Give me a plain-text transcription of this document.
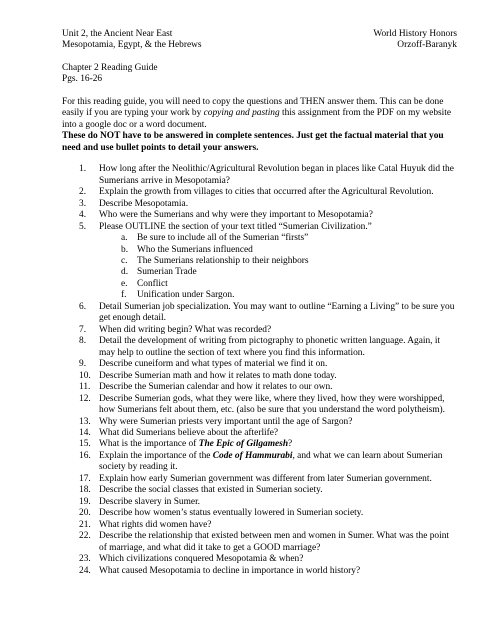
Unit 2, the Ancient Near East
Mesopotamia, Egypt, & the Hebrews
World History Honors
Orzoff-Baranyk
Chapter 2 Reading Guide
Pgs. 16-26

For this reading guide, you will need to copy the questions and THEN answer them. This can be done easily if you are typing your work by copying and pasting this assignment from the PDF on my website into a google doc or a word document.

These do NOT have to be answered in complete sentences. Just get the factual material that you need and use bullet points to detail your answers.

1.	How long after the Neolithic/Agricultural Revolution began in places like Catal Huyuk did the Sumerians arrive in Mesopotamia?
2.	Explain the growth from villages to cities that occurred after the Agricultural Revolution.
3.	Describe Mesopotamia.
4.	Who were the Sumerians and why were they important to Mesopotamia?
5.	Please OUTLINE the section of your text titled “Sumerian Civilization.”
a.	Be sure to include all of the Sumerian “firsts”
b. Who the Sumerians influenced
c.	The Sumerians relationship to their neighbors
d. Sumerian Trade
e.	Conflict
f.	Unification under Sargon.
6.	Detail Sumerian job specialization. You may want to outline “Earning a Living” to be sure you get enough detail.
7.	When did writing begin? What was recorded?
8.	Detail the development of writing from pictography to phonetic written language. Again, it may help to outline the section of text where you find this information.
9.	Describe cuneiform and what types of material we find it on.
10. Describe Sumerian math and how it relates to math done today.
11. Describe the Sumerian calendar and how it relates to our own.
12. Describe Sumerian gods, what they were like, where they lived, how they were worshipped, how Sumerians felt about them, etc. (also be sure that you understand the word polytheism).
13. Why were Sumerian priests very important until the age of Sargon?
14. What did Sumerians believe about the afterlife?
15. What is the importance of The Epic of Gilgamesh?
16. Explain the importance of the Code of Hammurabi, and what we can learn about Sumerian society by reading it.
17. Explain how early Sumerian government was different from later Sumerian government.
18. Describe the social classes that existed in Sumerian society.
19. Describe slavery in Sumer.
20. Describe how women’s status eventually lowered in Sumerian society.
21. What rights did women have?
22. Describe the relationship that existed between men and women in Sumer. What was the point of marriage, and what did it take to get a GOOD marriage?
23. Which civilizations conquered Mesopotamia & when?
24. What caused Mesopotamia to decline in importance in world history?
